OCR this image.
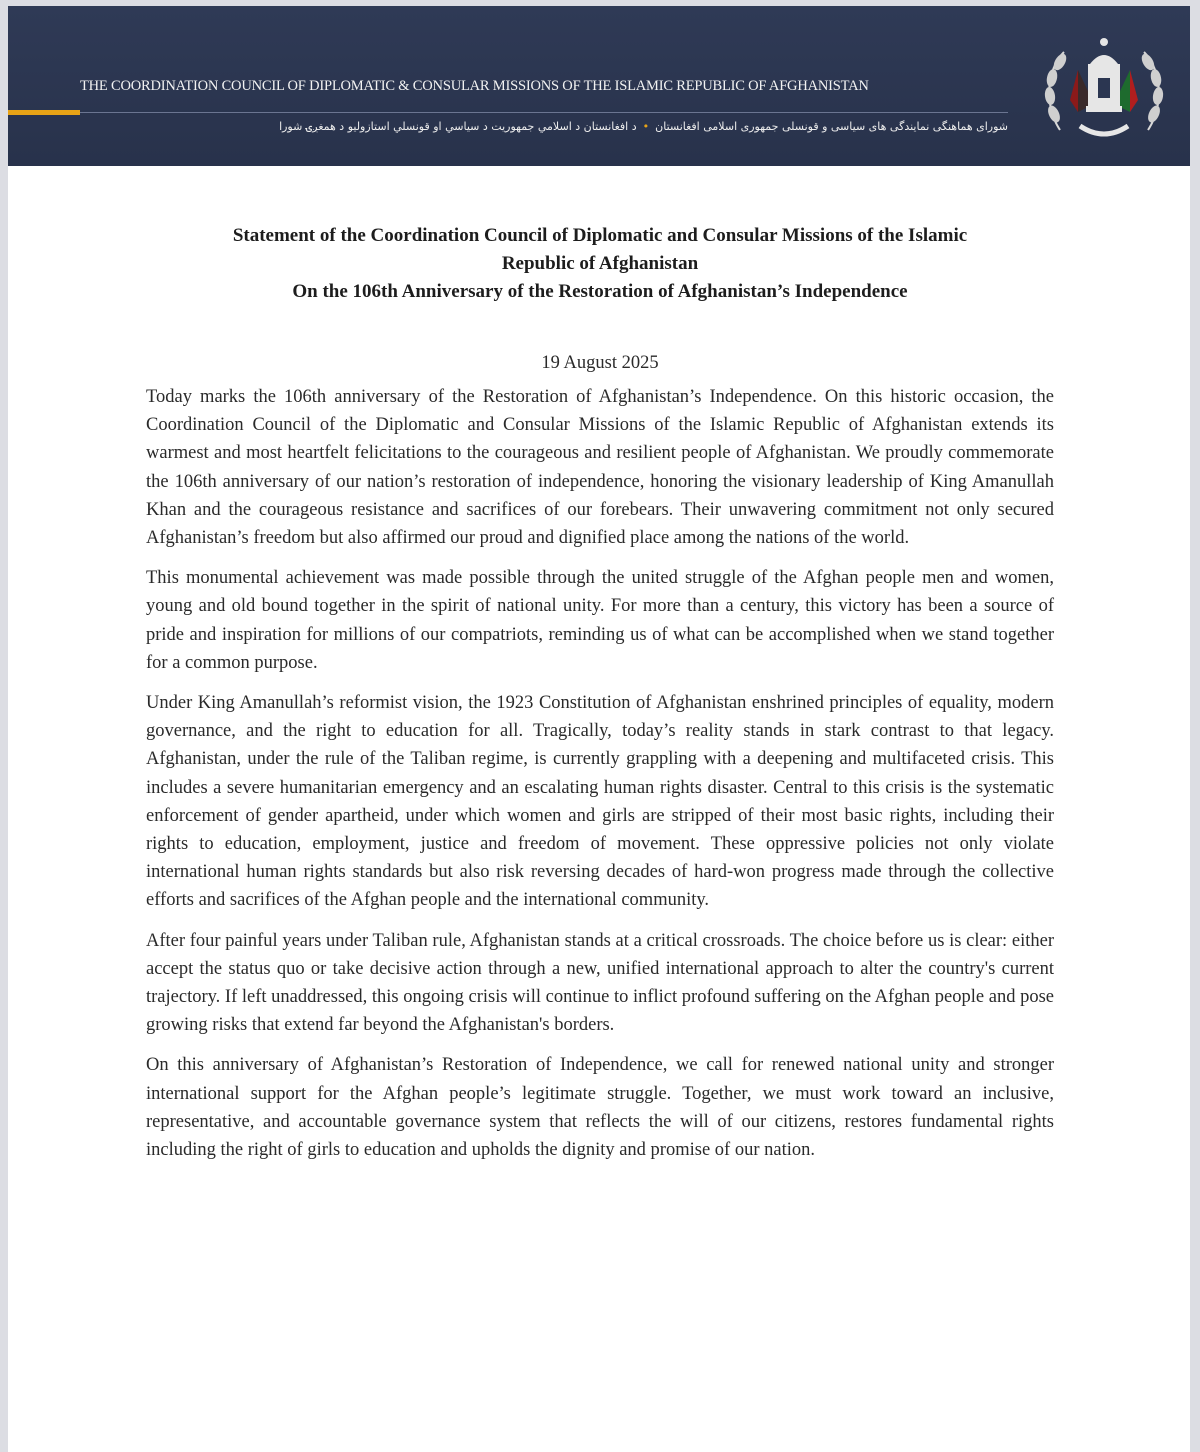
THE COORDINATION COUNCIL OF DIPLOMATIC & CONSULAR MISSIONS OF THE ISLAMIC REPUBLIC OF AFGHANISTAN
شورای هماهنگی نمایندگی های سیاسی و قونسلی جمهوری اسلامی افغانستان•د افغانستان د اسلامي جمهوریت د سیاسي او قونسلي استازولیو د همغږۍ شورا
Statement of the Coordination Council of Diplomatic and Consular Missions of the Islamic
Republic of Afghanistan
On the 106th Anniversary of the Restoration of Afghanistan’s Independence
19 August 2025

Today marks the 106th anniversary of the Restoration of Afghanistan’s Independence. On this historic occasion, the Coordination Council of the Diplomatic and Consular Missions of the Islamic Republic of Afghanistan extends its warmest and most heartfelt felicitations to the courageous and resilient people of Afghanistan. We proudly commemorate the 106th anniversary of our nation’s restoration of independence, honoring the visionary leadership of King Amanullah Khan and the courageous resistance and sacrifices of our forebears. Their unwavering commitment not only secured Afghanistan’s freedom but also affirmed our proud and dignified place among the nations of the world.

This monumental achievement was made possible through the united struggle of the Afghan people men and women, young and old bound together in the spirit of national unity. For more than a century, this victory has been a source of pride and inspiration for millions of our compatriots, reminding us of what can be accomplished when we stand together for a common purpose.

Under King Amanullah’s reformist vision, the 1923 Constitution of Afghanistan enshrined principles of equality, modern governance, and the right to education for all. Tragically, today’s reality stands in stark contrast to that legacy. Afghanistan, under the rule of the Taliban regime, is currently grappling with a deepening and multifaceted crisis. This includes a severe humanitarian emergency and an escalating human rights disaster. Central to this crisis is the systematic enforcement of gender apartheid, under which women and girls are stripped of their most basic rights, including their rights to education, employment, justice and freedom of movement. These oppressive policies not only violate international human rights standards but also risk reversing decades of hard-won progress made through the collective efforts and sacrifices of the Afghan people and the international community.

After four painful years under Taliban rule, Afghanistan stands at a critical crossroads. The choice before us is clear: either accept the status quo or take decisive action through a new, unified international approach to alter the country's current trajectory. If left unaddressed, this ongoing crisis will continue to inflict profound suffering on the Afghan people and pose growing risks that extend far beyond the Afghanistan's borders.

On this anniversary of Afghanistan’s Restoration of Independence, we call for renewed national unity and stronger international support for the Afghan people’s legitimate struggle. Together, we must work toward an inclusive, representative, and accountable governance system that reflects the will of our citizens, restores fundamental rights including the right of girls to education and upholds the dignity and promise of our nation.
